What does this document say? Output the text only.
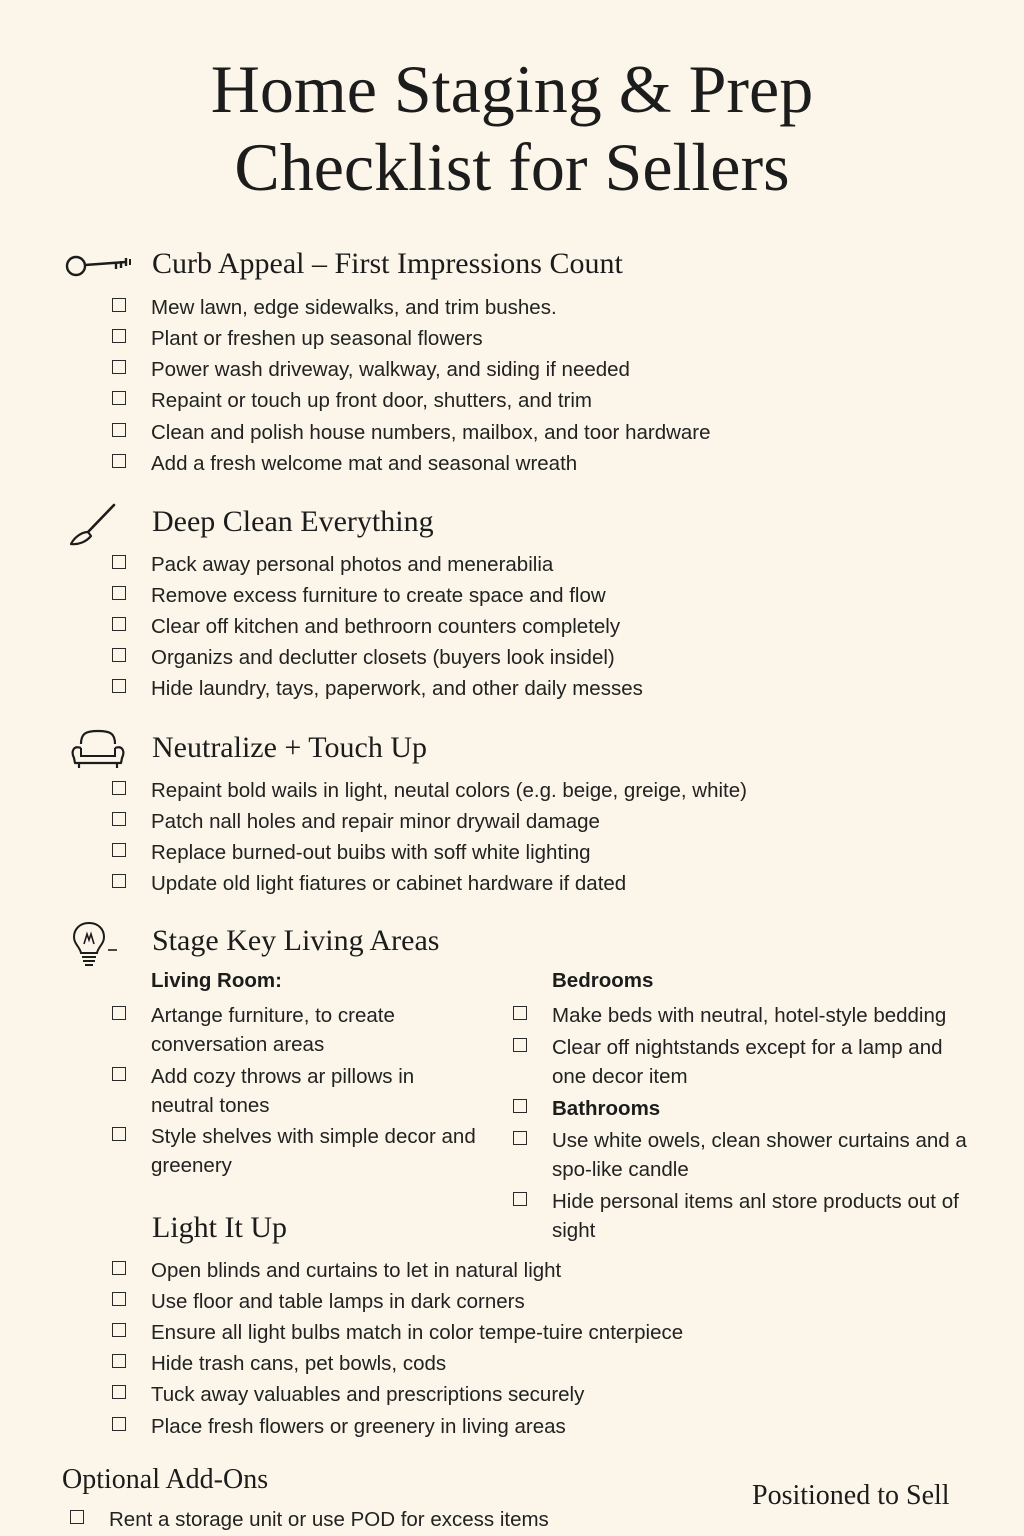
Home Staging & Prep
Checklist for Sellers
Curb Appeal – First Impressions Count
Mew lawn, edge sidewalks, and trim bushes.
Plant or freshen up seasonal flowers
Power wash driveway, walkway, and siding if needed
Repaint or touch up front door, shutters, and trim
Clean and polish house numbers, mailbox, and toor hardware
Add a fresh welcome mat and seasonal wreath
Deep Clean Everything
Pack away personal photos and menerabilia
Remove excess furniture to create space and flow
Clear off kitchen and bethroorn counters completely
Organizs and declutter closets (buyers look insidel)
Hide laundry, tays, paperwork, and other daily messes
Neutralize + Touch Up
Repaint bold wails in light, neutal colors (e.g. beige, greige, white)
Patch nall holes and repair minor drywail damage
Replace burned-out buibs with soff white lighting
Update old light fiatures or cabinet hardware if dated
Stage Key Living Areas
Living Room:
Artange furniture, to create conversation areas
Add cozy throws ar pillows in neutral tones
Style shelves with simple decor and greenery
Bedrooms
Make beds with neutral, hotel-style bedding
Clear off nightstands except for a lamp and one decor item
Bathrooms
Use white owels, clean shower curtains and a spo-like candle
Hide personal items anl store products out of sight
Light It Up
Open blinds and curtains to let in natural light
Use floor and table lamps in dark corners
Ensure all light bulbs match in color tempe-tuire cnterpiece
Hide trash cans, pet bowls, cods
Tuck away valuables and prescriptions securely
Place fresh flowers or greenery in living areas
Optional Add-Ons
Rent a storage unit or use POD for excess items
Positioned to Sell
